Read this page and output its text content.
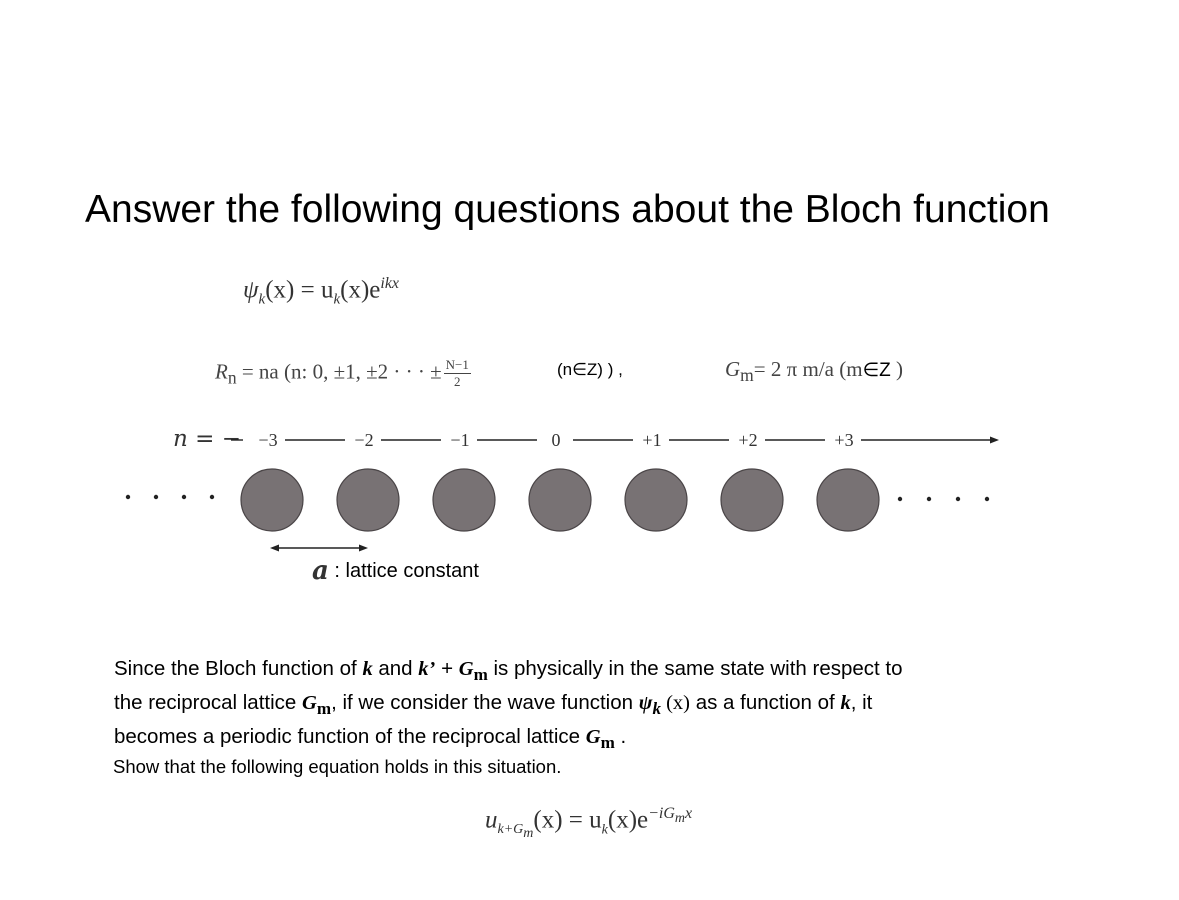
Answer the following questions about the Bloch function
$\psi_k(x) = u_k(x)e^{ikx}$
$R_n$ = na (n: 0, ±1, ±2 · · · ± $\frac{N-1}{2}$	(n∈Z) ) ,	$G_m= 2$ π m/a (m∈Z )
n = − −3	−2	−1	0	+1	+2	+3
a : lattice constant
Since the Bloch function of k and k’ + $G_m$ is physically in the same state with respect to
the reciprocal lattice $G_m$, if we consider the wave function $\psi_k$ (x) as a function of k, it
becomes a periodic function of the reciprocal lattice $G_m$ .
Show that the following equation holds in this situation.
$u_{k+G_m}(x) = u_k(x)e^{-iG_mx}$
